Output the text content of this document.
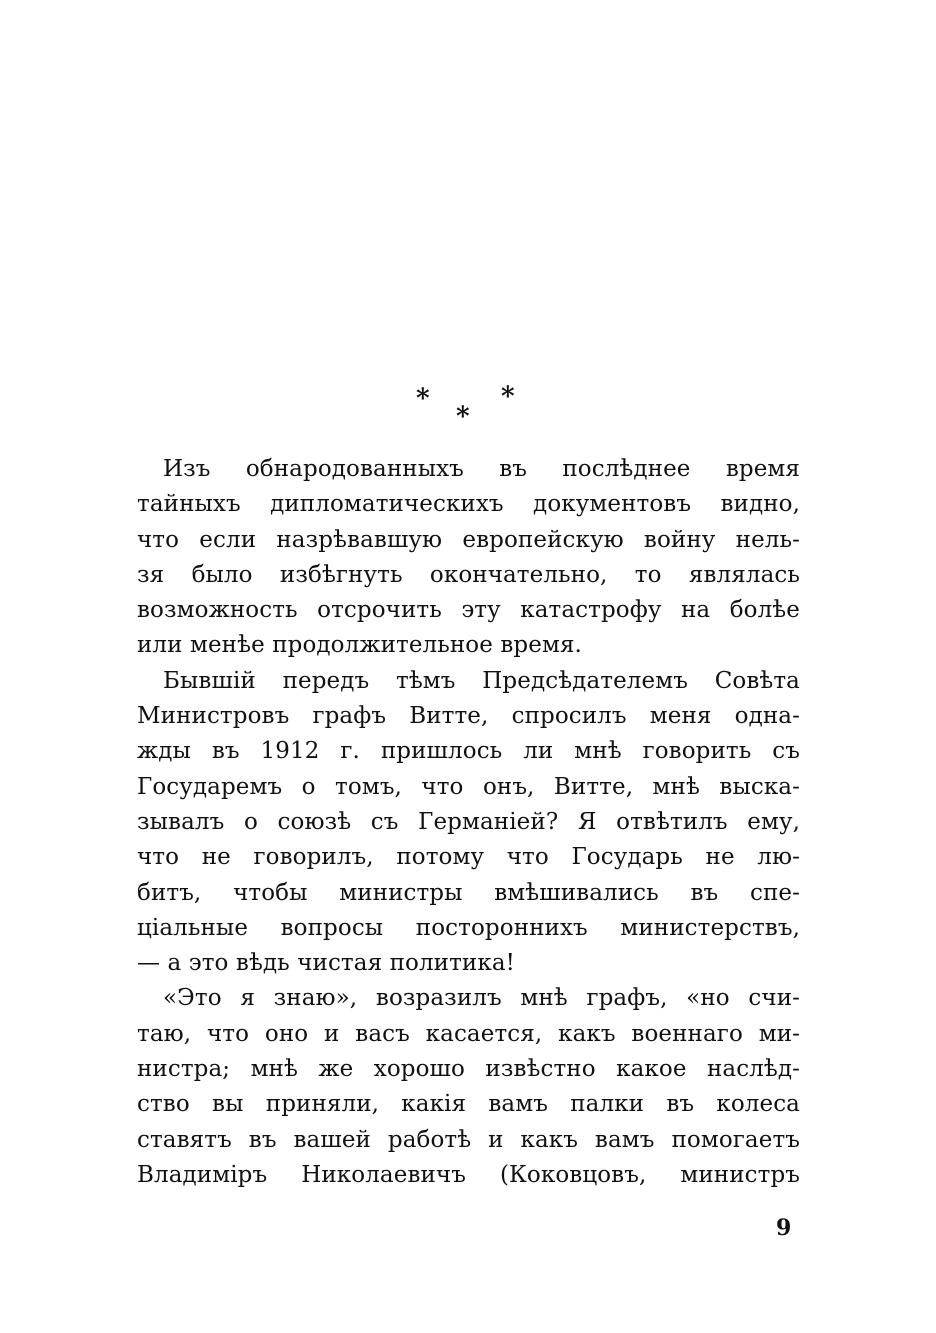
*	*
*
Изъ обнародованныхъ въ послѣднее время
тайныхъ дипломатическихъ документовъ видно,
что если назрѣвавшую европейскую войну нель-
зя было избѣгнуть окончательно, то являлась
возможность отсрочить эту катастрофу на болѣе
или менѣе продолжительное время.
Бывшій передъ тѣмъ Предсѣдателемъ Совѣта
Министровъ графъ Витте, спросилъ меня одна-
жды въ 1912 г. пришлось ли мнѣ говорить съ
Государемъ о томъ, что онъ, Витте, мнѣ выска-
зывалъ о союзѣ съ Германіей? Я отвѣтилъ ему,
что не говорилъ, потому что Государь не лю-
битъ, чтобы министры вмѣшивались въ спе-
ціальные вопросы постороннихъ министерствъ,
— а это вѣдь чистая политика!
«Это я знаю», возразилъ мнѣ графъ, «но счи-
таю, что оно и васъ касается, какъ военнаго ми-
нистра; мнѣ же хорошо извѣстно какое наслѣд-
ство вы приняли, какія вамъ палки въ колеса
ставятъ въ вашей работѣ и какъ вамъ помогаетъ
Владиміръ Николаевичъ (Коковцовъ, министръ
9
